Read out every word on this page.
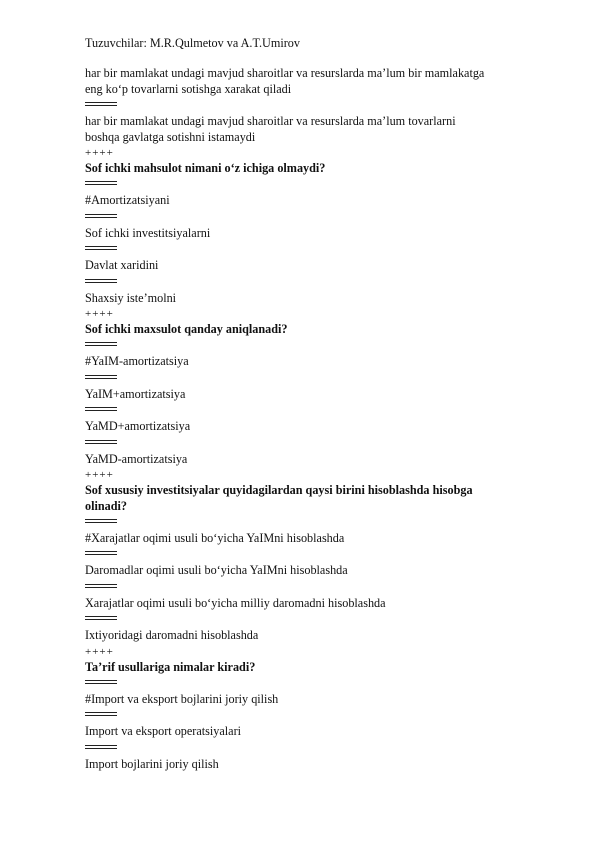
Tuzuvchilar: M.R.Qulmetov va A.T.Umirov
har bir mamlakat undagi mavjud sharoitlar va resurslarda ma’lum bir mamlakatga
eng ko‘p tovarlarni sotishga xarakat qiladi
har bir mamlakat undagi mavjud sharoitlar va resurslarda ma’lum tovarlarni
boshqa gavlatga sotishni istamaydi
++++
Sof ichki mahsulot nimani o‘z ichiga olmaydi?
#Amortizatsiyani
Sof ichki investitsiyalarni
Davlat xaridini
Shaxsiy iste’molni
++++
Sof ichki maxsulot qanday aniqlanadi?
#YaIM-amortizatsiya
YaIM+amortizatsiya
YaMD+amortizatsiya
YaMD-amortizatsiya
++++
Sof xususiy investitsiyalar quyidagilardan qaysi birini hisoblashda hisobga
olinadi?
#Xarajatlar oqimi usuli bo‘yicha YaIMni hisoblashda
Daromadlar oqimi usuli bo‘yicha YaIMni hisoblashda
Xarajatlar oqimi usuli bo‘yicha milliy daromadni hisoblashda
Ixtiyoridagi daromadni hisoblashda
++++
Ta’rif usullariga nimalar kiradi?
#Import va eksport bojlarini joriy qilish
Import va eksport operatsiyalari
Import bojlarini joriy qilish
